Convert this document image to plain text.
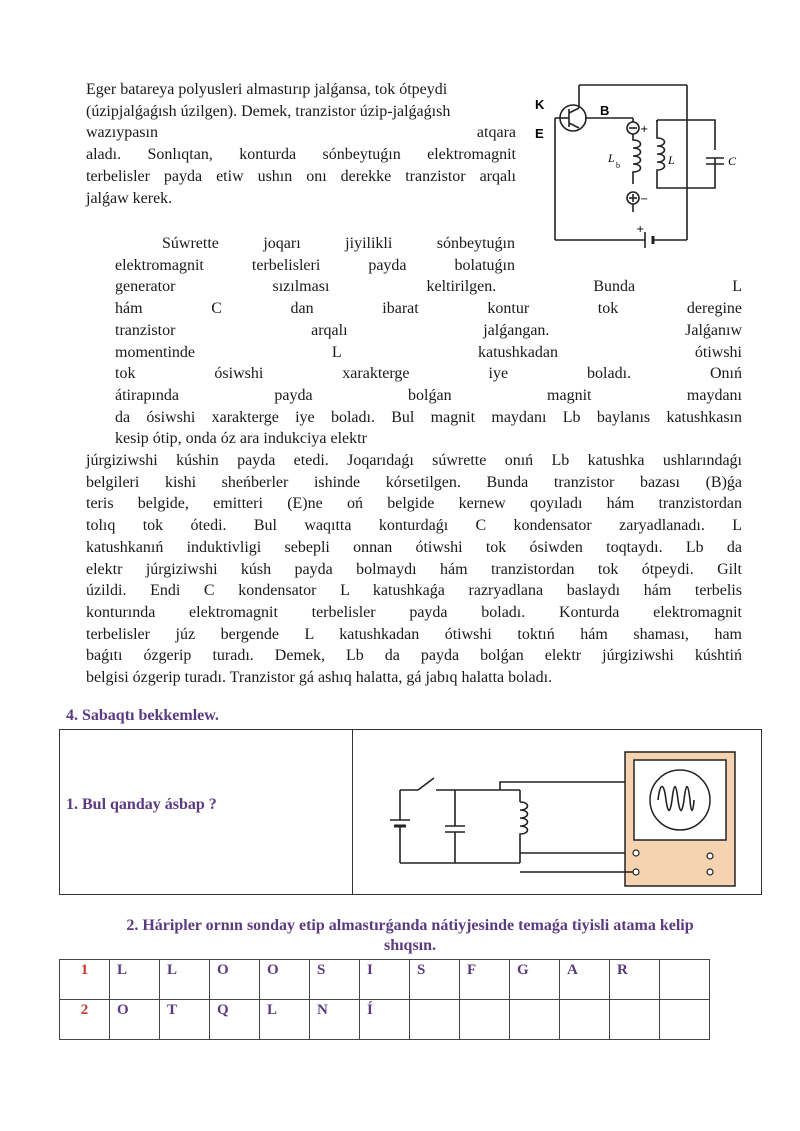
Eger batareya polyusleri almastırıp jalǵansa, tok ótpeydi
(úzipjalǵaǵısh úzilgen). Demek, tranzistor úzip-jalǵaǵısh
wazıypasın atqara
aladı. Sonlıqtan, konturda sónbeytuǵın elektromagnit
terbelisler payda etiw ushın onı derekke tranzistor arqalı
jalǵaw kerek.
K
E
B
+
−
L
b	L	C
+
Súwrette joqarı jiyilikli sónbeytuǵın
elektromagnit terbelisleri payda bolatuǵın
generator sızılması keltirilgen. Bunda L
hám C dan ibarat kontur tok deregine
tranzistor arqalı jalǵangan. Jalǵanıw
momentinde L katushkadan ótiwshi
tok ósiwshi xarakterge iye boladı. Onıń
átirapında payda bolǵan magnit maydanı
da ósiwshi xarakterge iye boladı. Bul magnit maydanı Lb baylanıs katushkasın
kesip ótip, onda óz ara indukciya elektr
júrgiziwshi kúshin payda etedi. Joqarıdaǵı súwrette onıń Lb katushka ushlarındaǵı
belgileri kishi sheńberler ishinde kórsetilgen. Bunda tranzistor bazası (B)ǵa
teris belgide, emitteri (E)ne oń belgide kernew qoyıladı hám tranzistordan
tolıq tok ótedi. Bul waqıtta konturdaǵı C kondensator zaryadlanadı. L
katushkanıń induktivligi sebepli onnan ótiwshi tok ósiwden toqtaydı. Lb da
elektr júrgiziwshi kúsh payda bolmaydı hám tranzistordan tok ótpeydi. Gilt
úzildi. Endi C kondensator L katushkaǵa razryadlana baslaydı hám terbelis
konturında elektromagnit terbelisler payda boladı. Konturda elektromagnit
terbelisler júz bergende L katushkadan ótiwshi toktıń hám shaması, ham
baǵıtı ózgerip turadı. Demek, Lb da payda bolǵan elektr júrgiziwshi kúshtiń
belgisi ózgerip turadı. Tranzistor gá ashıq halatta, gá jabıq halatta boladı.
4. Sabaqtı bekkemlew.
1. Bul qanday ásbap ?
2. Háripler ornın sonday etip almastırǵanda nátiyjesinde temaǵa tiyisli atama kelip
shıqsın.
1	L	L	O	O	S	I	S	F	G	A	R	
2	O	T	Q	L	N	Í						
